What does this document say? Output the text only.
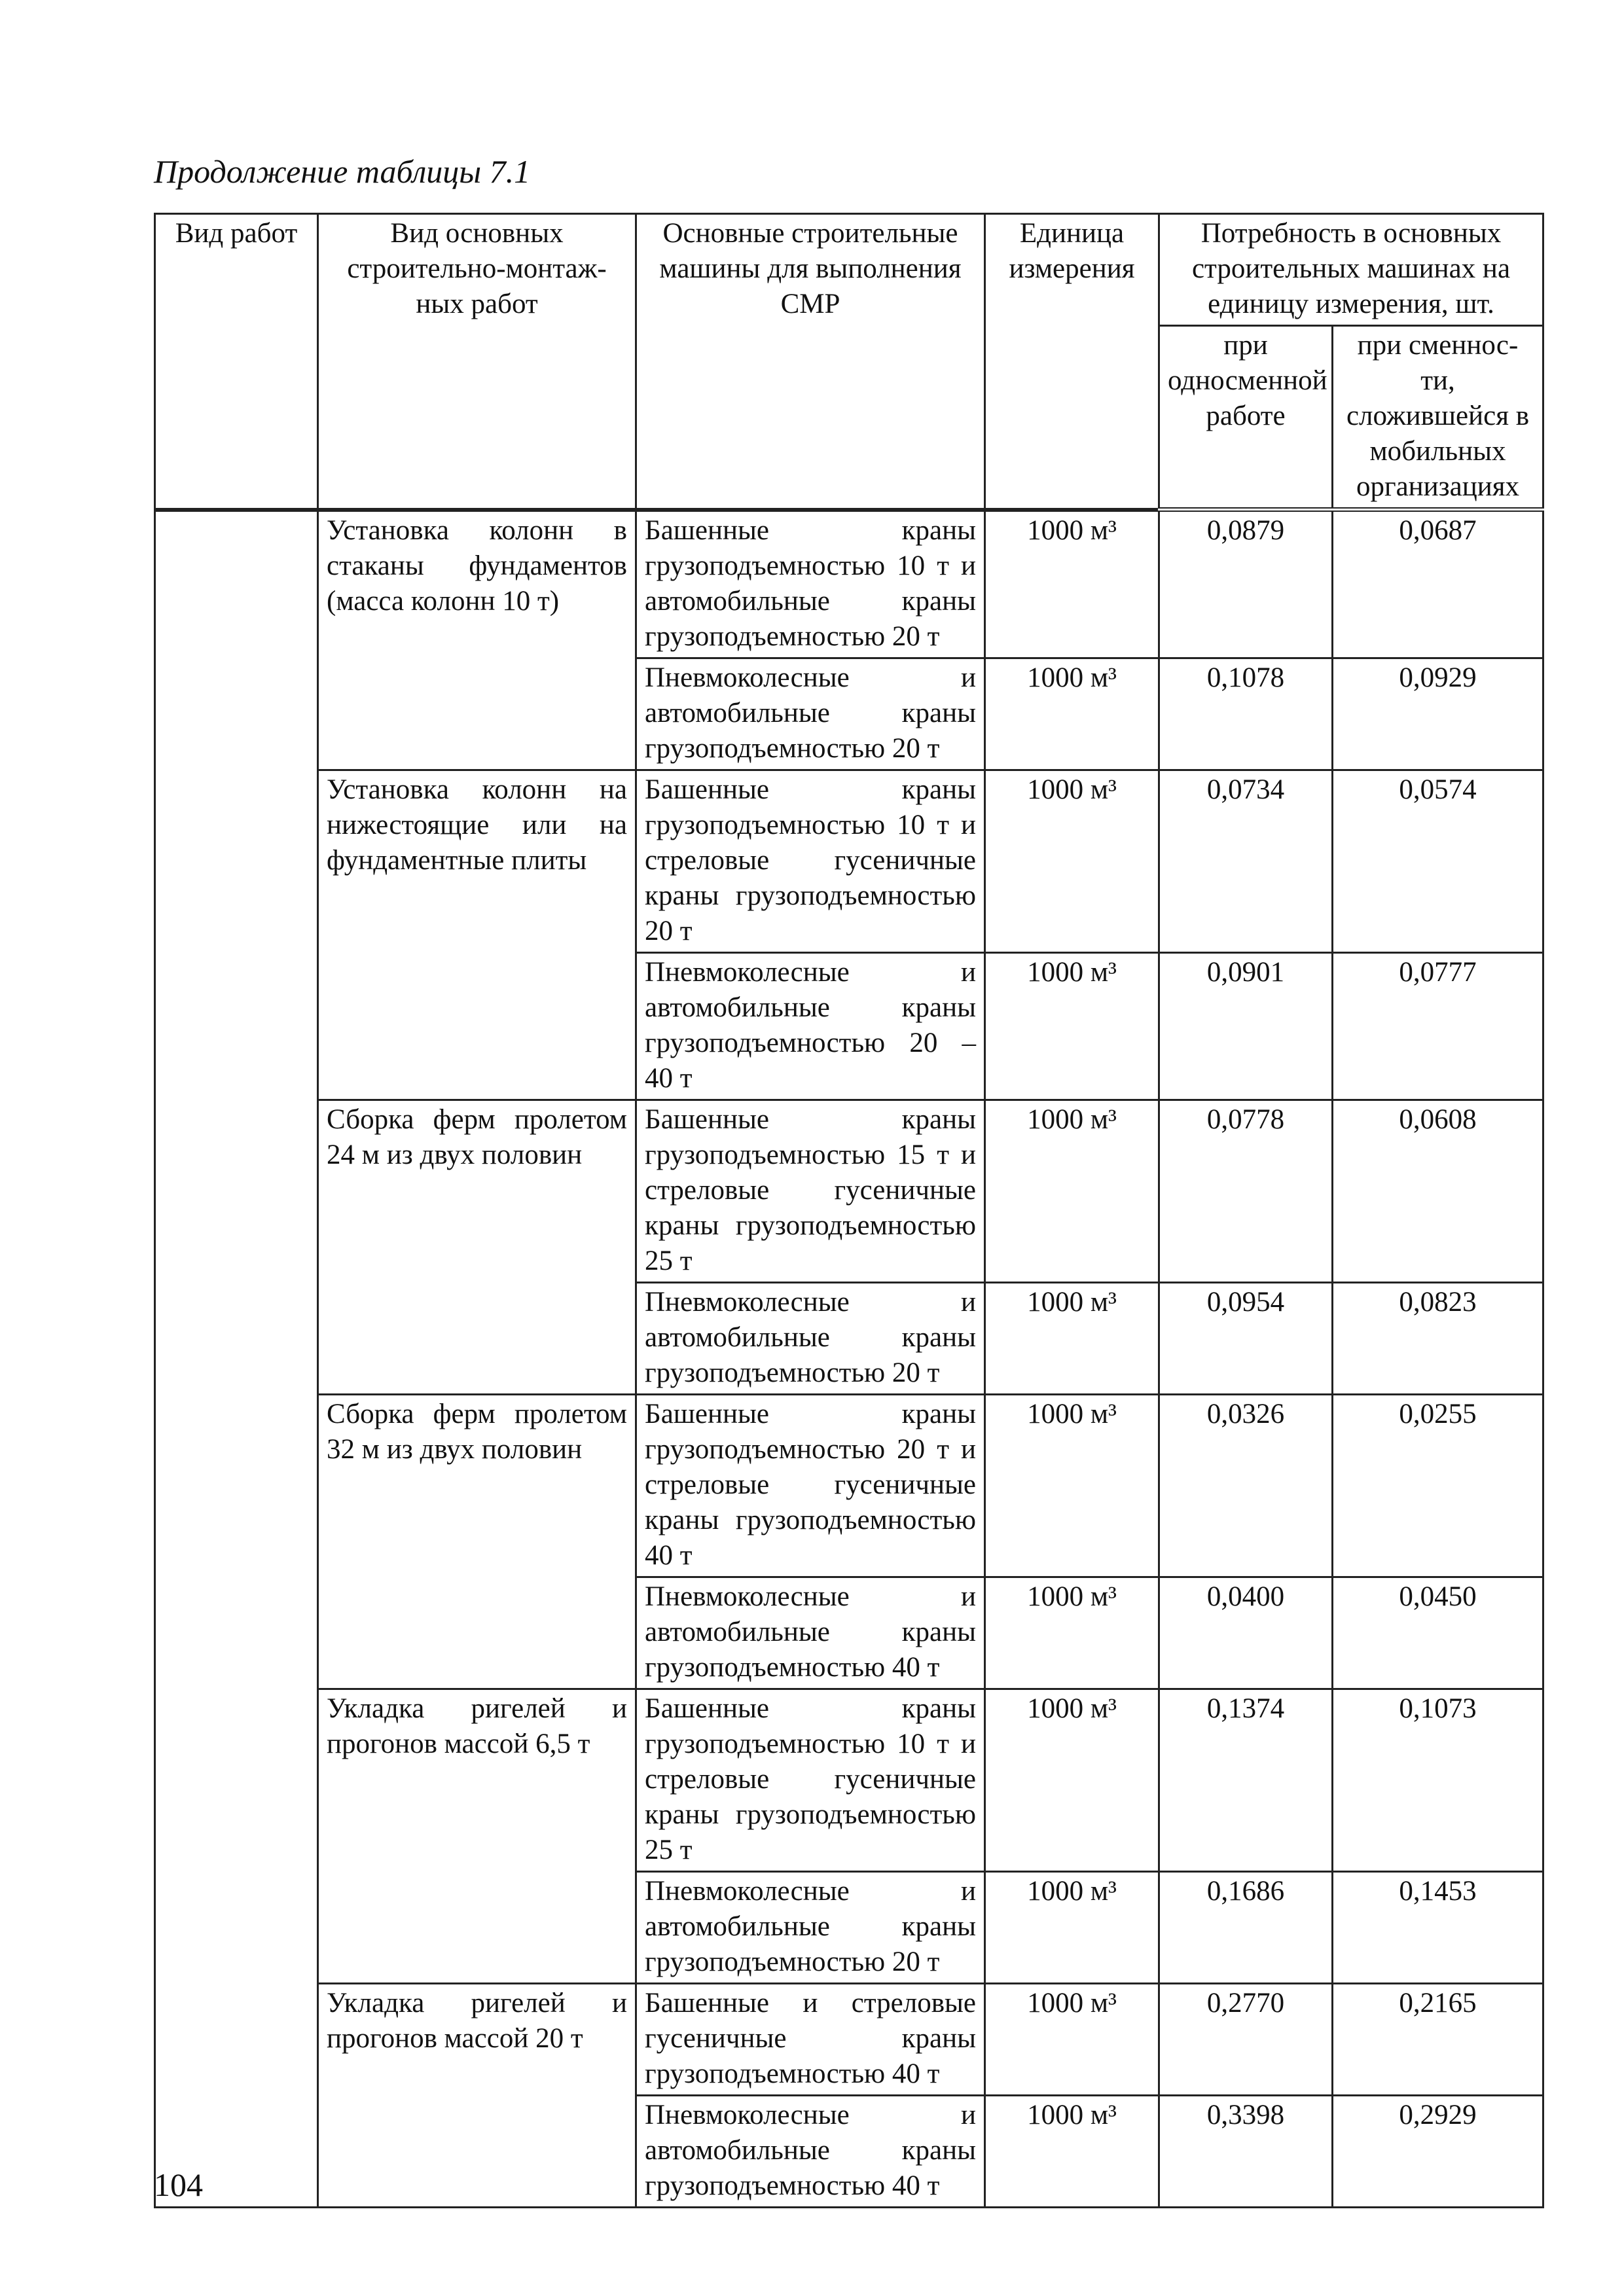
Продолжение таблицы 7.1
Вид работ	Вид основных строительно-монтаж-ных работ	Основные строительные машины для выполнения СМР	Единица измерения	Потребность в основных строительных машинах на единицу измерения, шт.	
				при односменной работе	при сменнос-ти, сложившейся в мобильных организациях
	Установка колонн в стаканы фундаментов (масса колонн 10 т)	Башенные краны грузоподъемностью 10 т и автомобильные краны грузоподъемностью 20 т	1000 м³	0,0879	0,0687
		Пневмоколесные и автомобильные краны грузоподъемностью 20 т	1000 м³	0,1078	0,0929
	Установка колонн на нижестоящие или на фундаментные плиты	Башенные краны грузоподъемностью 10 т и стреловые гусеничные краны грузоподъемностью 20 т	1000 м³	0,0734	0,0574
		Пневмоколесные и автомобильные краны грузоподъемностью 20 – 40 т	1000 м³	0,0901	0,0777
	Сборка ферм пролетом 24 м из двух половин	Башенные краны грузоподъемностью 15 т и стреловые гусеничные краны грузоподъемностью 25 т	1000 м³	0,0778	0,0608
		Пневмоколесные и автомобильные краны грузоподъемностью 20 т	1000 м³	0,0954	0,0823
	Сборка ферм пролетом 32 м из двух половин	Башенные краны грузоподъемностью 20 т и стреловые гусеничные краны грузоподъемностью 40 т	1000 м³	0,0326	0,0255
		Пневмоколесные и автомобильные краны грузоподъемностью 40 т	1000 м³	0,0400	0,0450
	Укладка ригелей и прогонов массой 6,5 т	Башенные краны грузоподъемностью 10 т и стреловые гусеничные краны грузоподъемностью 25 т	1000 м³	0,1374	0,1073
		Пневмоколесные и автомобильные краны грузоподъемностью 20 т	1000 м³	0,1686	0,1453
	Укладка ригелей и прогонов массой 20 т	Башенные и стреловые гусеничные краны грузоподъемностью 40 т	1000 м³	0,2770	0,2165
		Пневмоколесные и автомобильные краны грузоподъемностью 40 т	1000 м³	0,3398	0,2929
104
